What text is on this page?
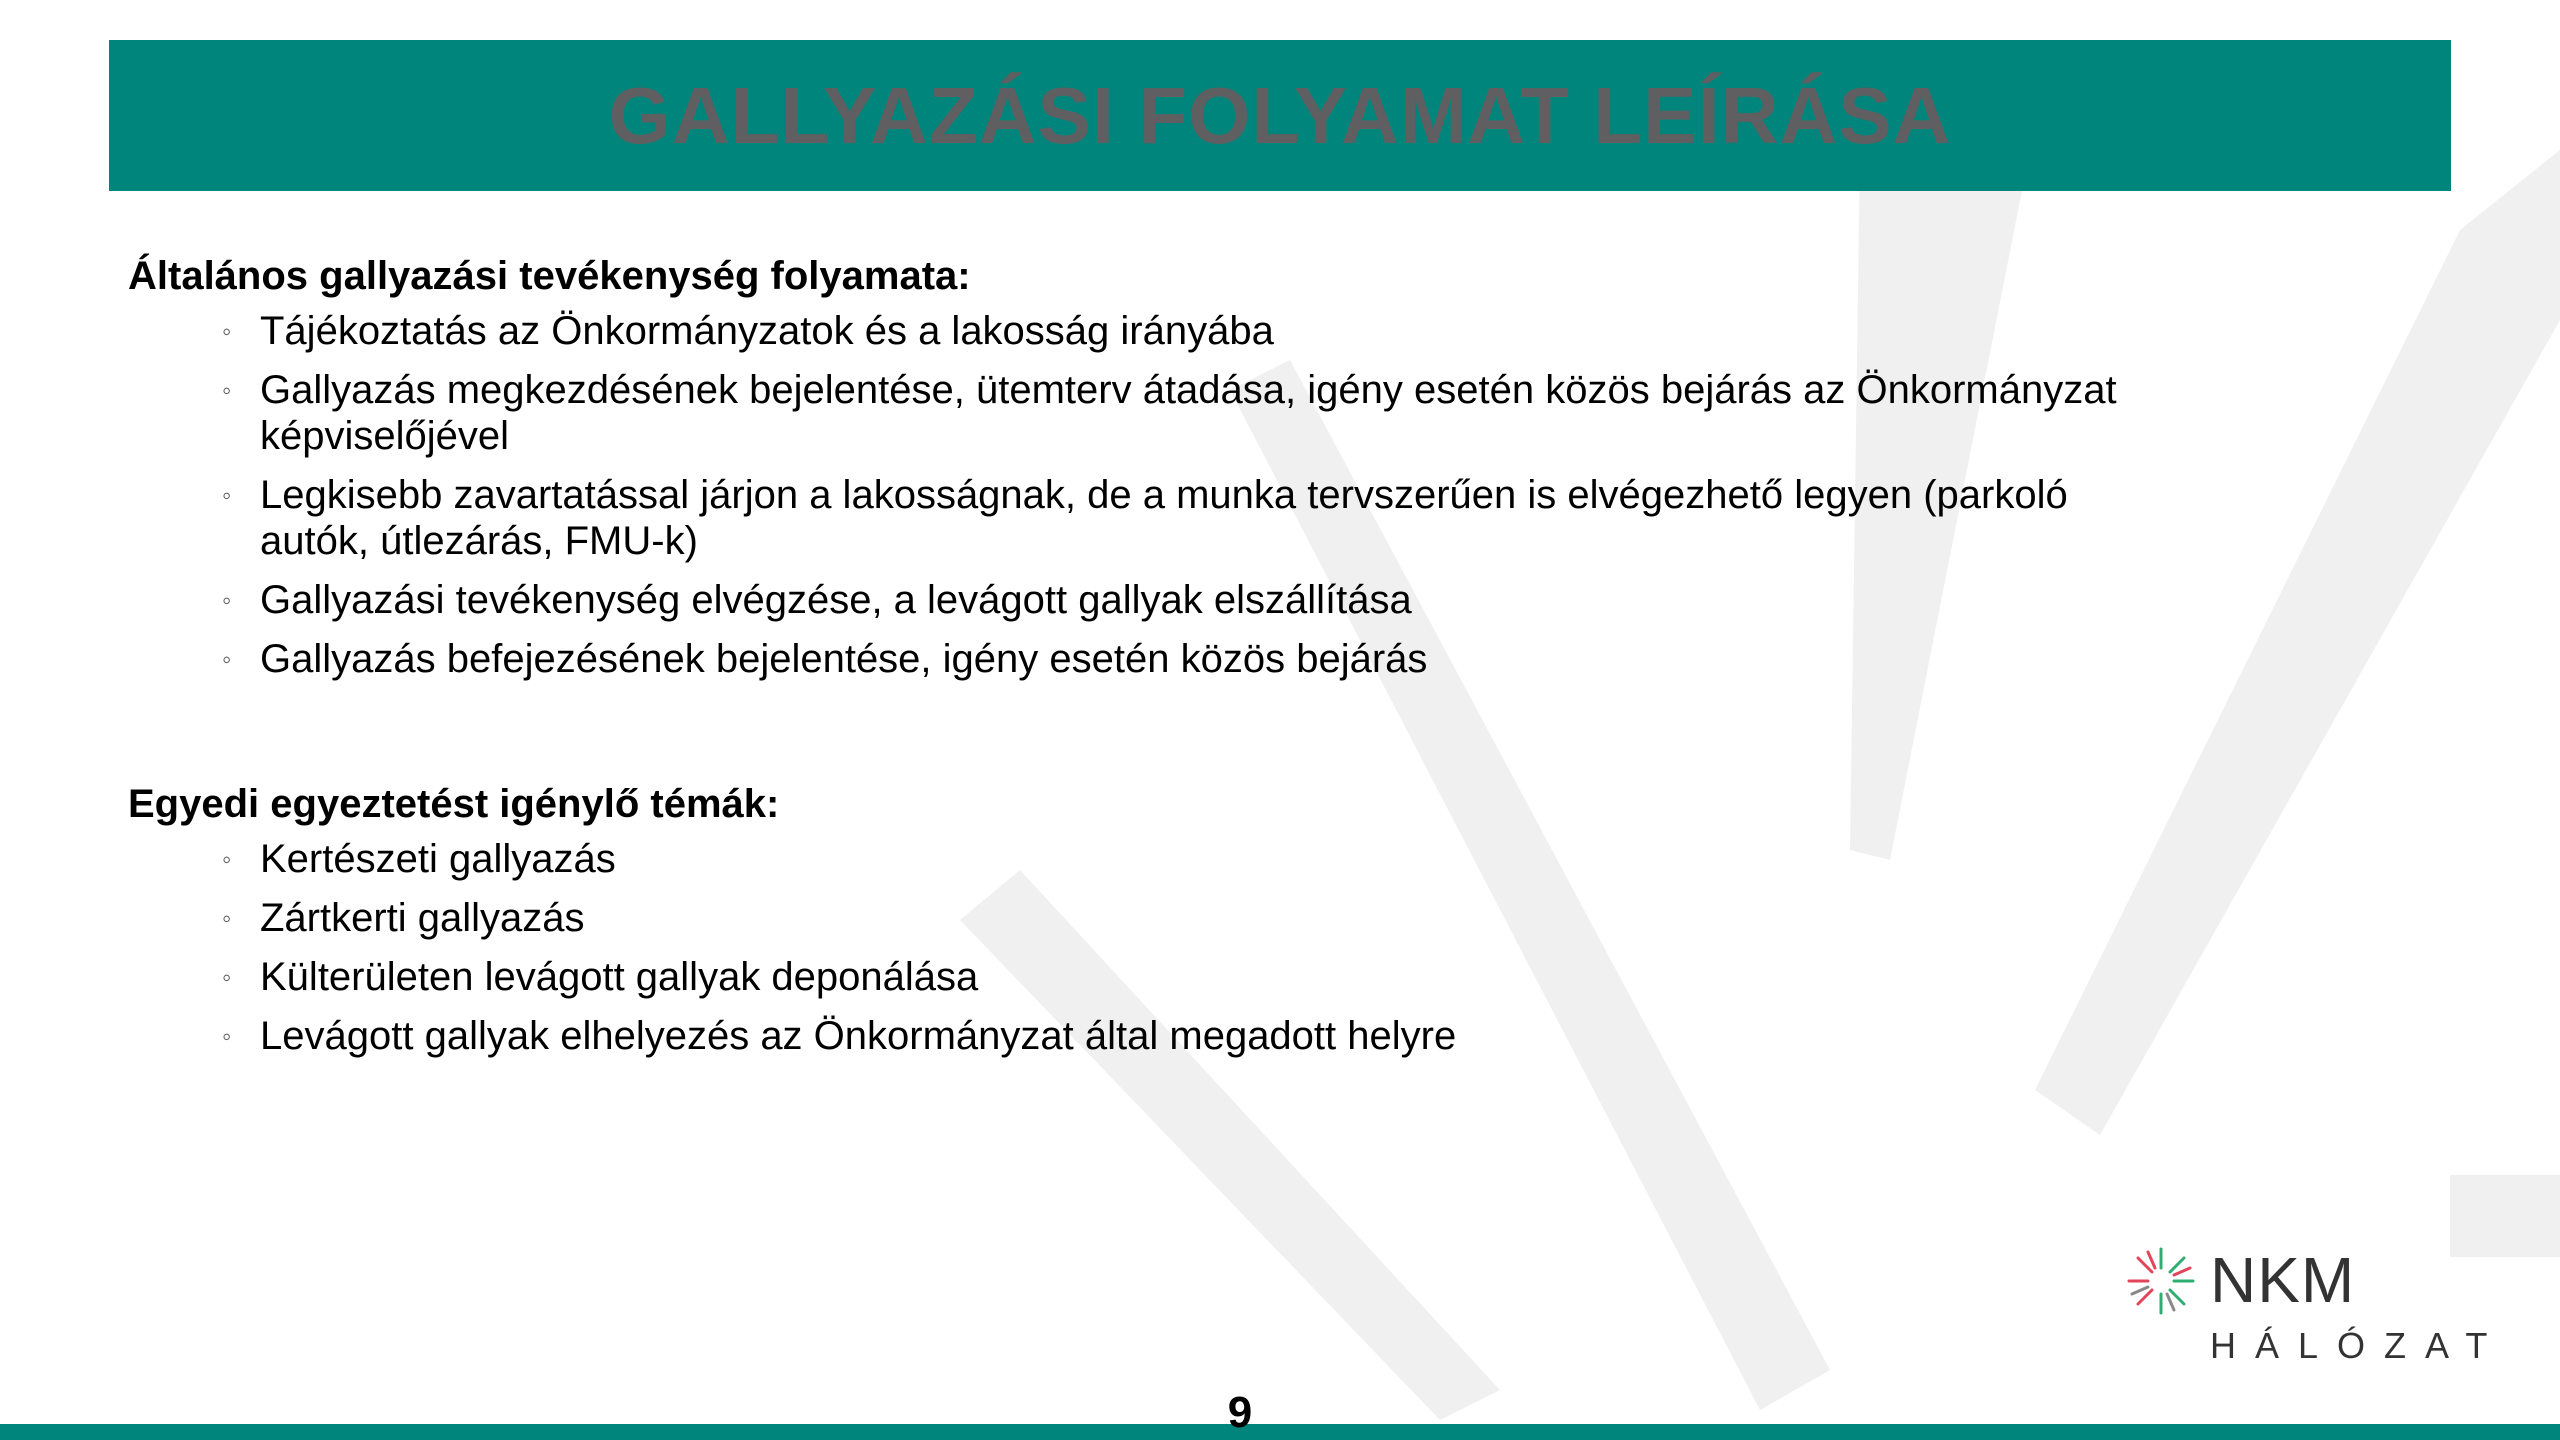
GALLYAZÁSI FOLYAMAT LEÍRÁSA

Általános gallyazási tevékenység folyamata:

◦ Tájékoztatás az Önkormányzatok és a lakosság irányába
◦ Gallyazás megkezdésének bejelentése, ütemterv átadása, igény esetén közös bejárás az Önkormányzat képviselőjével
◦ Legkisebb zavartatással járjon a lakosságnak, de a munka tervszerűen is elvégezhető legyen (parkoló autók, útlezárás, FMU-k)
◦ Gallyazási tevékenység elvégzése, a levágott gallyak elszállítása
◦ Gallyazás befejezésének bejelentése, igény esetén közös bejárás

Egyedi egyeztetést igénylő témák:

◦ Kertészeti gallyazás
◦ Zártkerti gallyazás
◦ Külterületen levágott gallyak deponálása
◦ Levágott gallyak elhelyezés az Önkormányzat által megadott helyre
NKM
HÁLÓZAT
9
